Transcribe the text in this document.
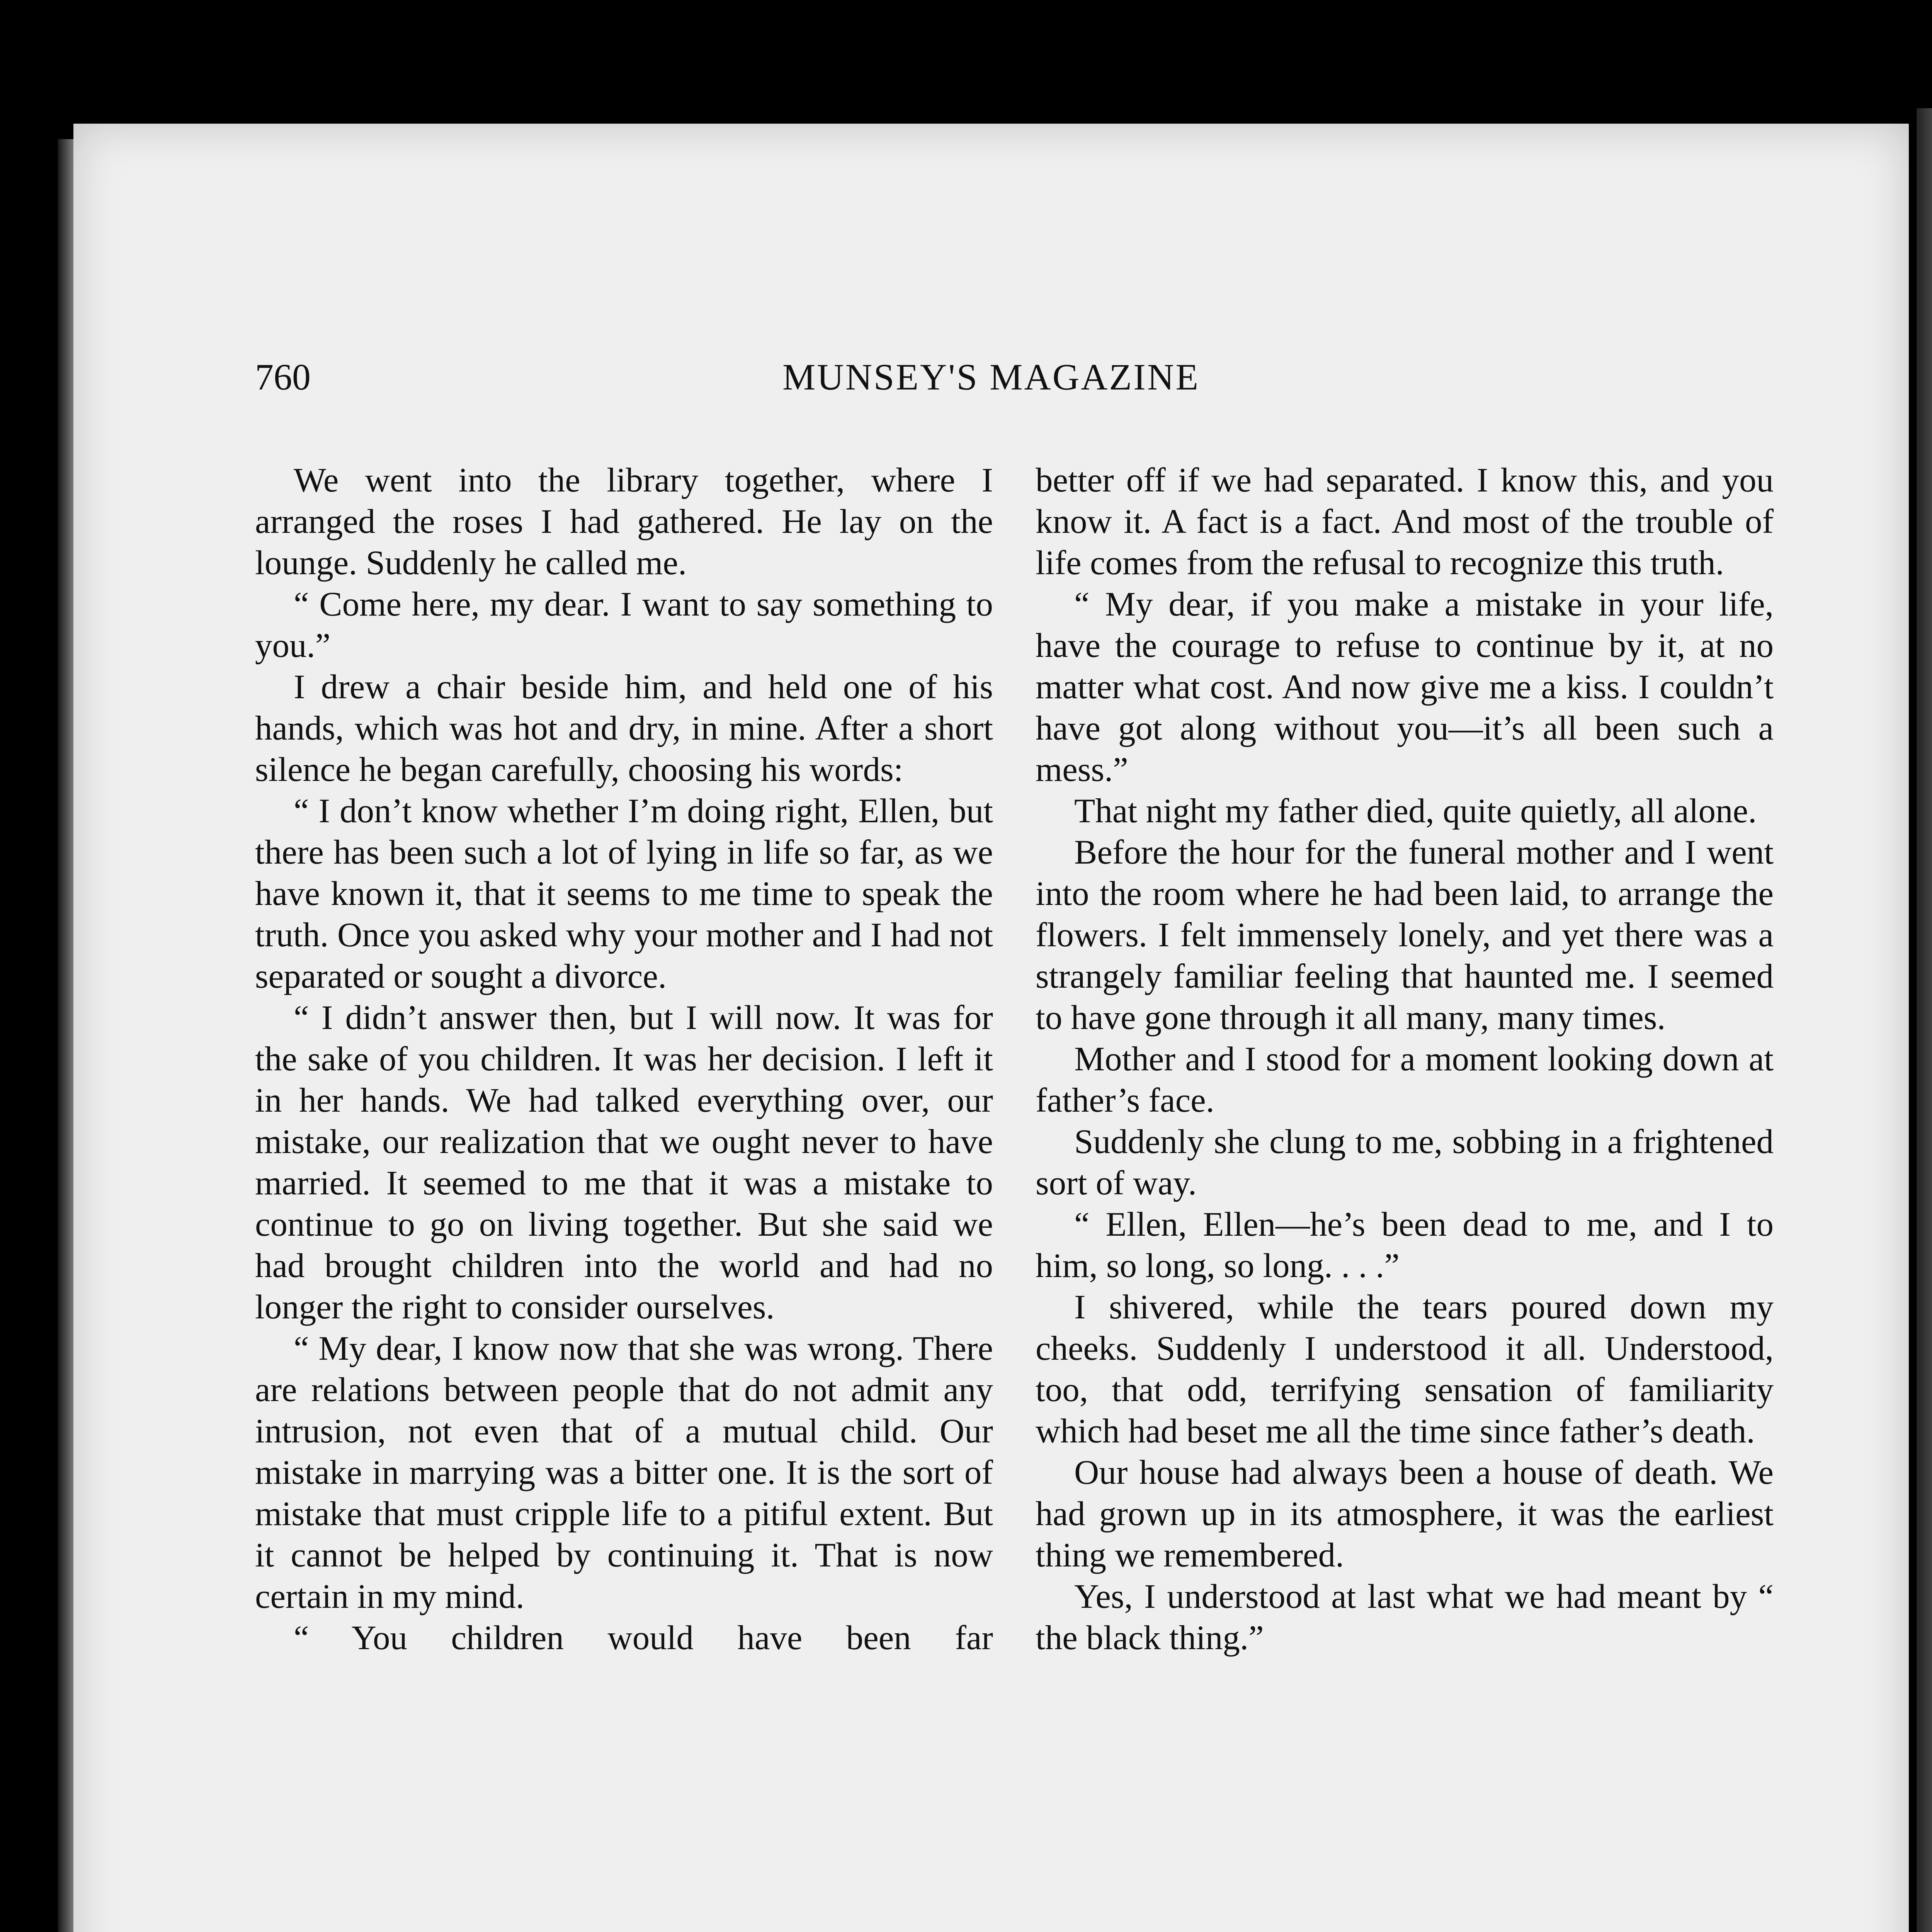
760	MUNSEY'S MAGAZINE

We went into the library together, where I arranged the roses I had gathered. He lay on the lounge. Suddenly he called me.

“ Come here, my dear. I want to say something to you.”

I drew a chair beside him, and held one of his hands, which was hot and dry, in mine. After a short silence he began carefully, choosing his words:

“ I don’t know whether I’m doing right, Ellen, but there has been such a lot of lying in life so far, as we have known it, that it seems to me time to speak the truth. Once you asked why your mother and I had not separated or sought a divorce.

“ I didn’t answer then, but I will now. It was for the sake of you children. It was her decision. I left it in her hands. We had talked everything over, our mistake, our realization that we ought never to have married. It seemed to me that it was a mistake to continue to go on living together. But she said we had brought children into the world and had no longer the right to consider ourselves.

“ My dear, I know now that she was wrong. There are relations between people that do not admit any intrusion, not even that of a mutual child. Our mistake in marrying was a bitter one. It is the sort of mistake that must cripple life to a pitiful extent. But it cannot be helped by continuing it. That is now certain in my mind.

“ You children would have been far

better off if we had separated. I know this, and you know it. A fact is a fact. And most of the trouble of life comes from the refusal to recognize this truth.

“ My dear, if you make a mistake in your life, have the courage to refuse to continue by it, at no matter what cost. And now give me a kiss. I couldn’t have got along without you—it’s all been such a mess.”

That night my father died, quite quietly, all alone.

Before the hour for the funeral mother and I went into the room where he had been laid, to arrange the flowers. I felt immensely lonely, and yet there was a strangely familiar feeling that haunted me. I seemed to have gone through it all many, many times.

Mother and I stood for a moment looking down at father’s face.

Suddenly she clung to me, sobbing in a frightened sort of way.

“ Ellen, Ellen—he’s been dead to me, and I to him, so long, so long. . . .”

I shivered, while the tears poured down my cheeks. Suddenly I understood it all. Understood, too, that odd, terrifying sensation of familiarity which had beset me all the time since father’s death.

Our house had always been a house of death. We had grown up in its atmosphere, it was the earliest thing we remembered.

Yes, I understood at last what we had meant by “ the black thing.”
